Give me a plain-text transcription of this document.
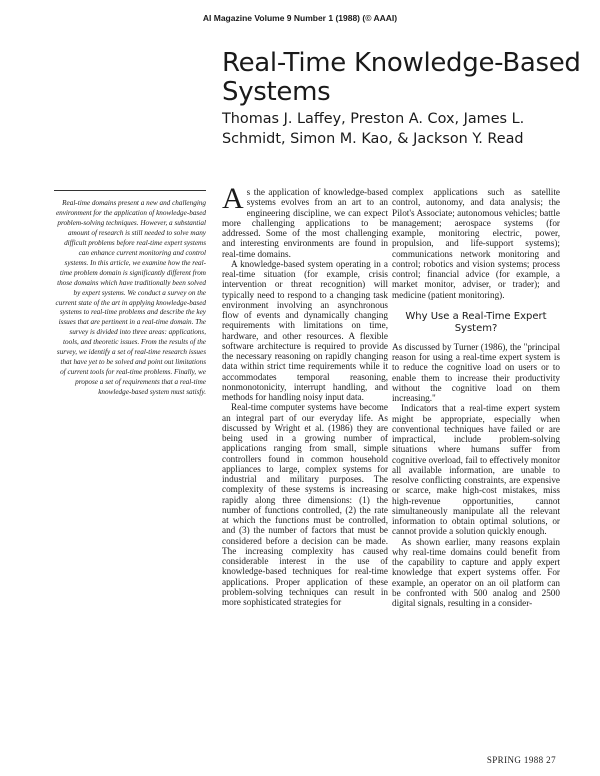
AI Magazine Volume 9 Number 1 (1988) (© AAAI)
Real-Time Knowledge-Based Systems

Thomas J. Laffey, Preston A. Cox, James L. Schmidt, Simon M. Kao, & Jackson Y. Read

Real-time domains present a new and challenging environment for the application of knowledge-based problem-solving techniques. However, a substantial amount of research is still needed to solve many difficult problems before real-time expert systems can enhance current monitoring and control systems. In this article, we examine how the real-time problem domain is significantly different from those domains which have traditionally been solved by expert systems. We conduct a survey on the current state of the art in applying knowledge-based systems to real-time problems and describe the key issues that are pertinent in a real-time domain. The survey is divided into three areas: applications, tools, and theoretic issues. From the results of the survey, we identify a set of real-time research issues that have yet to be solved and point out limitations of current tools for real-time problems. Finally, we propose a set of requirements that a real-time knowledge-based system must satisfy.

As the application of knowledge-based systems evolves from an art to an engineering discipline, we can expect more challenging applications to be addressed. Some of the most challenging and interesting environments are found in real-time domains.

A knowledge-based system operating in a real-time situation (for example, crisis intervention or threat recognition) will typically need to respond to a changing task environment involving an asynchronous flow of events and dynamically changing requirements with limitations on time, hardware, and other resources. A flexible software architecture is required to provide the necessary reasoning on rapidly changing data within strict time requirements while it accommodates temporal reasoning, nonmonotonicity, interrupt handling, and methods for handling noisy input data.

Real-time computer systems have become an integral part of our everyday life. As discussed by Wright et al. (1986) they are being used in a growing number of applications ranging from small, simple controllers found in common household appliances to large, complex systems for industrial and military purposes. The complexity of these systems is increasing rapidly along three dimensions: (1) the number of functions controlled, (2) the rate at which the functions must be controlled, and (3) the number of factors that must be considered before a decision can be made. The increasing complexity has caused considerable interest in the use of knowledge-based techniques for real-time applications. Proper application of these problem-solving techniques can result in more sophisticated strategies for

complex applications such as satellite control, autonomy, and data analysis; the Pilot's Associate; autonomous vehicles; battle management; aerospace systems (for example, monitoring electric, power, propulsion, and life-support systems); communications network monitoring and control; robotics and vision systems; process control; financial advice (for example, a market monitor, adviser, or trader); and medicine (patient monitoring).

Why Use a Real-Time Expert System?

As discussed by Turner (1986), the "principal reason for using a real-time expert system is to reduce the cognitive load on users or to enable them to increase their productivity without the cognitive load on them increasing."

Indicators that a real-time expert system might be appropriate, especially when conventional techniques have failed or are impractical, include problem-solving situations where humans suffer from cognitive overload, fail to effectively monitor all available information, are unable to resolve conflicting constraints, are expensive or scarce, make high-cost mistakes, miss high-revenue opportunities, cannot simultaneously manipulate all the relevant information to obtain optimal solutions, or cannot provide a solution quickly enough.

As shown earlier, many reasons explain why real-time domains could benefit from the capability to capture and apply expert knowledge that expert systems offer. For example, an operator on an oil platform can be confronted with 500 analog and 2500 digital signals, resulting in a consider-

SPRING 1988 27
